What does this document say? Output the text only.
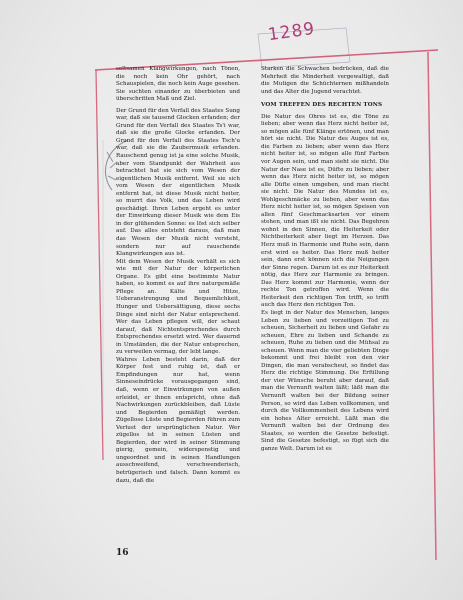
1289

seltsamen Klangwirkungen, nach Tönen, die noch kein Ohr gehört, nach Schauspielen, die noch kein Auge gesehen. Sie suchten einander zu überbieten und überschritten Maß und Ziel.

Der Grund für den Verfall des Staates Sung war, daß sie tausend Glocken erfanden; der Grund für den Verfall des Staates Ts'i war, daß sie die große Glocke erfanden. Der Grund für den Verfall des Staates Tsch'u war, daß sie die Zaubermusik erfanden. Rauschend genug ist ja eine solche Musik, aber vom Standpunkt der Wahrheit aus betrachtet hat sie sich vom Wesen der eigentlichen Musik entfernt. Weil sie sich vom Wesen der eigentlichen Musik entfernt hat, ist diese Musik nicht heiter, so murrt das Volk, und das Leben wird geschädigt. Ihren Leben ergeht es unter der Einwirkung dieser Musik wie dem Eis in der glühenden Sonne: es löst sich selber auf. Das alles entsteht daraus, daß man das Wesen der Musik nicht versteht, sondern nur auf rauschende Klangwirkungen aus ist.

Mit dem Wesen der Musik verhält es sich wie mit der Natur der körperlichen Organe. Es gibt eine bestimmte Natur haben, so kommt es auf ihre naturgemäße Pflege an. Kälte und Hitze, Ueberanstrengung und Bequemlichkeit, Hunger und Uebersättigung, diese sechs Dinge sind nicht der Natur entsprechend. Wer das Leben pflegen will, der schaut darauf, daß Nichtentsprechendes durch Entsprechendes ersetzt wird. Wer dauernd in Umständen, die der Natur entsprechen, zu verweilen vermag, der lebt lange.

Wahres Leben besteht darin, daß der Körper fest und ruhig ist, daß er Empfindungen nur hat, wenn Sinneseindrücke vorausgegangen sind, daß, wenn er Einwirkungen von außen erleidet, er ihnen entspricht, ohne daß Nachwirkungen zurückbleiben, daß Lüste und Begierden gemäßigt werden. Zügellose Lüste und Begierden führen zum Verlust der ursprünglichen Natur. Wer zügellos ist in seinen Lüsten und Begierden, der wird in seiner Stimmung gierig, gemein, widerspenstig und ungeordnet und in seinen Handlungen ausschweifend, verschwenderisch, betrügerisch und falsch. Dann kommt es dazu, daß die

Starken die Schwachen bedrücken, daß die Mehrheit die Minderheit vergewaltigt, daß die Mutigen die Schüchternen mißhandeln und das Alter die Jugend verachtet.

VOM TREFFEN DES RECHTEN TONS

Die Natur des Ohres ist es, die Töne zu lieben; aber wenn das Herz nicht heiter ist, so mögen alle fünf Klänge ertönen, und man hört sie nicht. Die Natur des Auges ist es, die Farben zu lieben; aber wenn das Herz nicht heiter ist, so mögen alle fünf Farben vor Augen sein, und man sieht sie nicht. Die Natur der Nase ist es, Düfte zu lieben; aber wenn das Herz nicht heiter ist, so mögen alle Düfte einen umgeben, und man riecht sie nicht. Die Natur des Mundes ist es, Wohlgeschmäcke zu lieben, aber wenn das Herz nicht heiter ist, so mögen Speisen von allen fünf Geschmacksarten vor einem stehen, und man ißt sie nicht. Das Begehren wohnt in den Sinnen, die Heiterkeit oder Nichtheiterkeit aber liegt im Herzen. Das Herz muß in Harmonie und Ruhe sein, dann erst wird es heiter. Das Herz muß heiter sein, dann erst können sich die Neigungen der Sinne regen. Darum ist es zur Heiterkeit nötig, das Herz zur Harmonie zu bringen. Das Herz kommt zur Harmonie, wenn der rechte Ton getroffen wird. Wenn die Heiterkeit den richtigen Ton trifft, so trifft auch das Herz den richtigen Ton.

Es liegt in der Natur des Menschen, langes Leben zu lieben und vorzeitigen Tod zu scheuen, Sicherheit zu lieben und Gefahr zu scheuen, Ehre zu lieben und Schande zu scheuen, Ruhe zu lieben und die Mühsal zu scheuen. Wenn man die vier geliebten Dinge bekommt und frei bleibt von den vier Dingen, die man verabscheut, so findet das Herz die richtige Stimmung. Die Erfüllung der vier Wünsche beruht aber darauf, daß man die Vernunft walten läßt; läßt man die Vernunft walten bei der Bildung seiner Person, so wird das Leben vollkommen, und durch die Vollkommenheit des Lebens wird ein hohes Alter erreicht. Läßt man die Vernunft walten bei der Ordnung des Staates, so werden die Gesetze befestigt. Sind die Gesetze befestigt, so fügt sich die ganze Welt. Darum ist es

16
